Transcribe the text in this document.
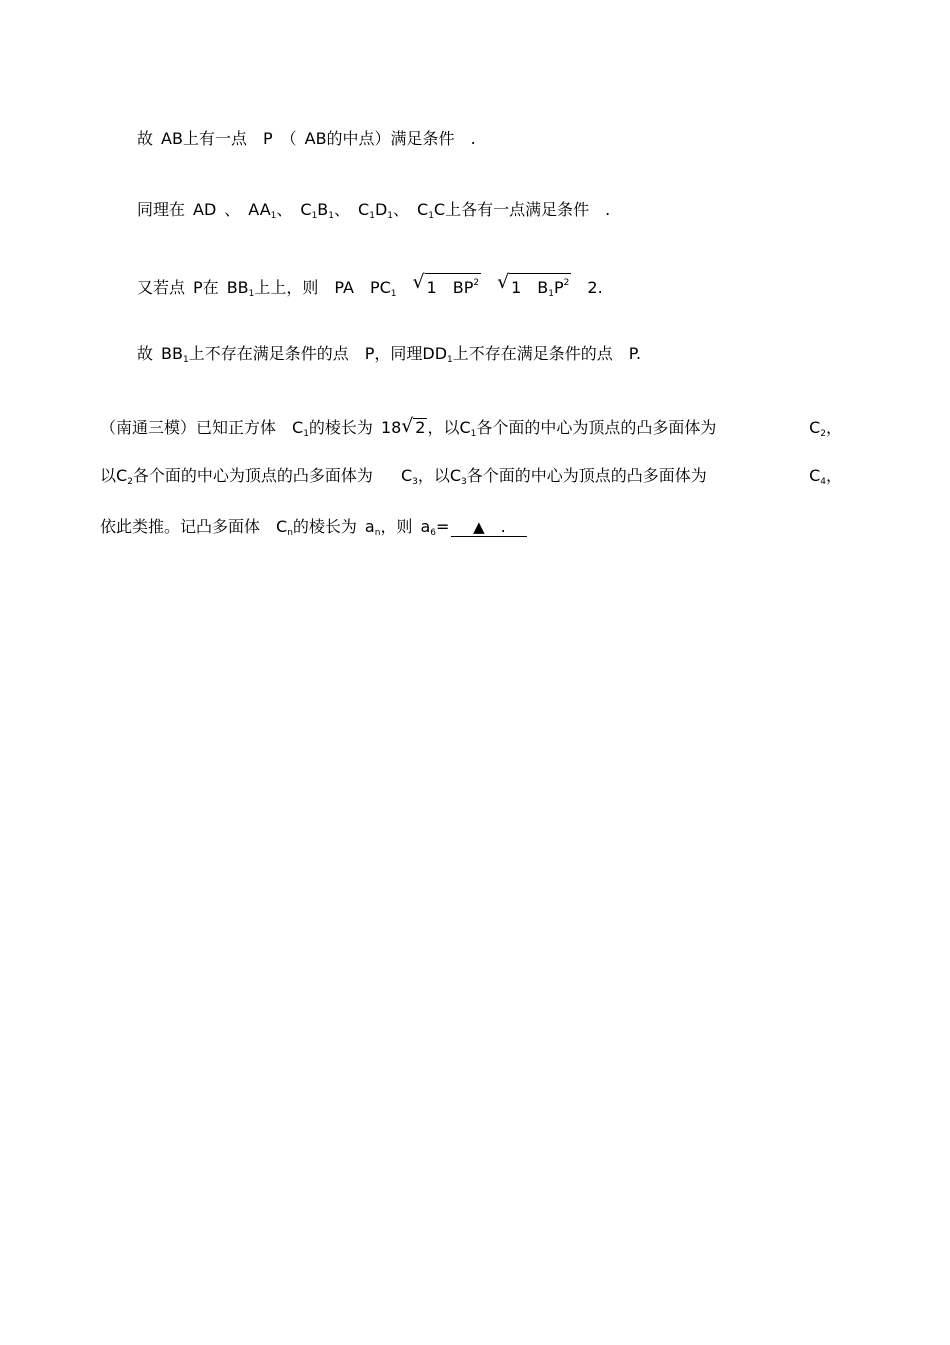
故 AB上有一点 P （ AB的中点）满足条件 .
同理在 AD 、 $AA_1$、 $C_1B_1$、 $C_1D_1$、 $C_1C$上各有一点满足条件 .
又若点 P在 $BB_1$上上，则 PA $PC_1$
√ 1 $BP^2$ √ 1 $B_1P^2$ 2.
故 $BB_1$上不存在满足条件的点 P，同理$DD_1$上不存在满足条件的点 P.
（南通三模）已知正方体 $C_1$的棱长为 18 √ 2 ，以$C_1$各个面的中心为顶点的凸多面体为	$C_2$，
以$C_2$各个面的中心为顶点的凸多面体为 $C_3$，以$C_3$各个面的中心为顶点的凸多面体为	$C_4$，
依此类推。记凸多面体 $C_n$的棱长为 $a_n$，则 $a_6=$ ▲ .
